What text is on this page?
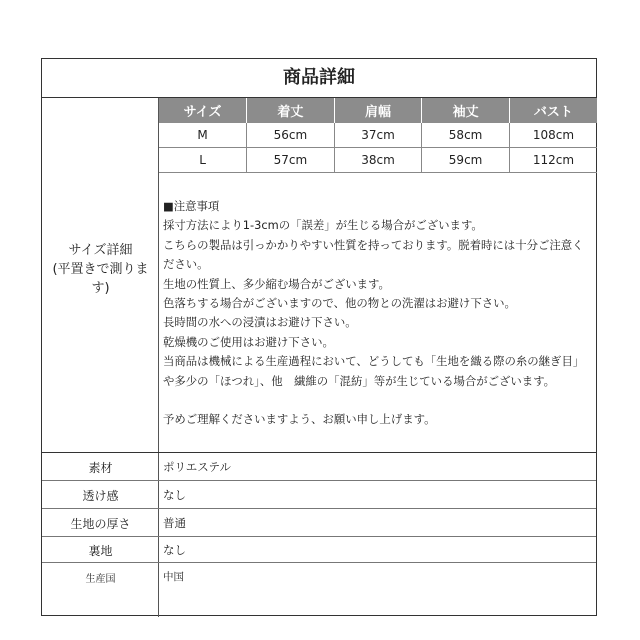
商品詳細
サイズ詳細
(平置きで測りま
す)
サイズ	着丈	肩幅	袖丈	バスト
M	56cm	37cm	58cm	108cm
L	57cm	38cm	59cm	112cm
■注意事項
採寸方法により1-3cmの「誤差」が生じる場合がございます。
こちらの製品は引っかかりやすい性質を持っております。脱着時には十分ご注意く
ださい。
生地の性質上、多少縮む場合がございます。
色落ちする場合がございますので、他の物との洗濯はお避け下さい。
長時間の水への浸漬はお避け下さい。
乾燥機のご使用はお避け下さい。
当商品は機械による生産過程において、どうしても「生地を織る際の糸の継ぎ目」
や多少の「ほつれ」、他　繊維の「混紡」等が生じている場合がございます。
予めご理解くださいますよう、お願い申し上げます。
素材	ポリエステル
透け感	なし
生地の厚さ	普通
裏地	なし
生産国	中国
